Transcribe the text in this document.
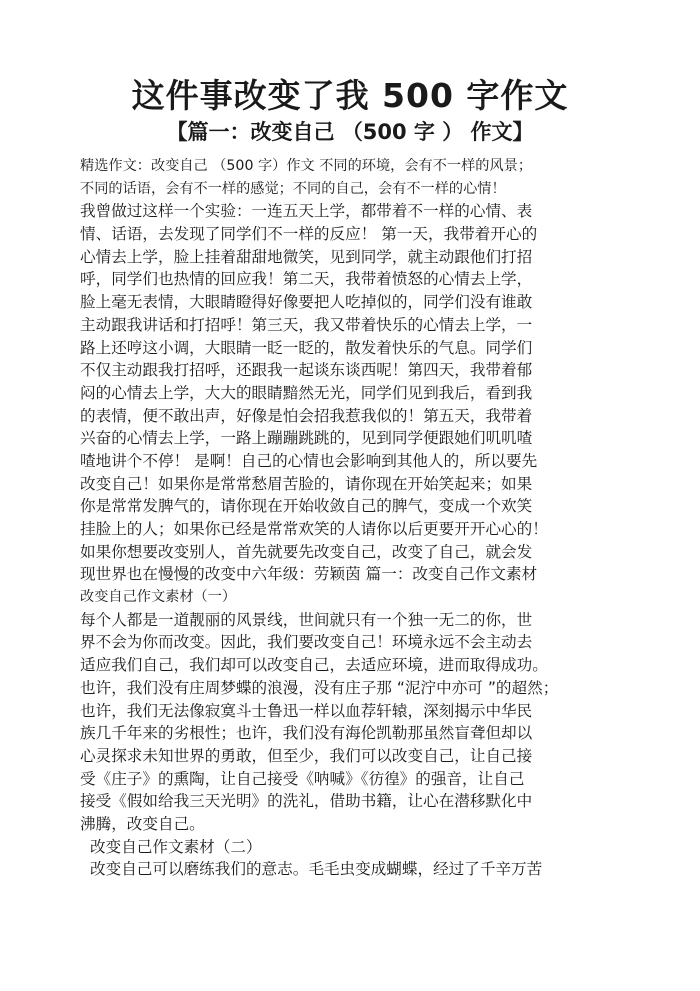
这件事改变了我 500 字作文
【篇一：改变自己 （500 字 ） 作文】
精选作文：改变自己 （500 字）作文 不同的环境，会有不一样的风景；
不同的话语，会有不一样的感觉；不同的自己，会有不一样的心情！
我曾做过这样一个实验：一连五天上学，都带着不一样的心情、表
情、话语，去发现了同学们不一样的反应！ 第一天，我带着开心的
心情去上学，脸上挂着甜甜地微笑，见到同学，就主动跟他们打招
呼，同学们也热情的回应我！第二天，我带着愤怒的心情去上学，
脸上毫无表情，大眼睛瞪得好像要把人吃掉似的，同学们没有谁敢
主动跟我讲话和打招呼！第三天，我又带着快乐的心情去上学，一
路上还哼这小调，大眼睛一眨一眨的，散发着快乐的气息。同学们
不仅主动跟我打招呼，还跟我一起谈东谈西呢！第四天，我带着郁
闷的心情去上学，大大的眼睛黯然无光，同学们见到我后，看到我
的表情，便不敢出声，好像是怕会招我惹我似的！第五天，我带着
兴奋的心情去上学，一路上蹦蹦跳跳的，见到同学便跟她们叽叽喳
喳地讲个不停！ 是啊！自己的心情也会影响到其他人的，所以要先
改变自己！如果你是常常愁眉苦脸的，请你现在开始笑起来；如果
你是常常发脾气的，请你现在开始收敛自己的脾气，变成一个欢笑
挂脸上的人；如果你已经是常常欢笑的人请你以后更要开开心心的！
如果你想要改变别人，首先就要先改变自己，改变了自己，就会发
现世界也在慢慢的改变中六年级：劳颖茵 篇一：改变自己作文素材
改变自己作文素材（一）
每个人都是一道靓丽的风景线，世间就只有一个独一无二的你，世
界不会为你而改变。因此，我们要改变自己！环境永远不会主动去
适应我们自己，我们却可以改变自己，去适应环境，进而取得成功。
也许，我们没有庄周梦蝶的浪漫，没有庄子那 “泥泞中亦可 ”的超然；
也许，我们无法像寂寞斗士鲁迅一样以血荐轩辕，深刻揭示中华民
族几千年来的劣根性；也许，我们没有海伦凯勒那虽然盲聋但却以
心灵探求未知世界的勇敢，但至少，我们可以改变自己，让自己接
受《庄子》的熏陶，让自己接受《呐喊》《彷徨》的强音，让自己
接受《假如给我三天光明》的洗礼，借助书籍，让心在潜移默化中
沸腾，改变自己。
改变自己作文素材（二）
改变自己可以磨练我们的意志。毛毛虫变成蝴蝶，经过了千辛万苦
